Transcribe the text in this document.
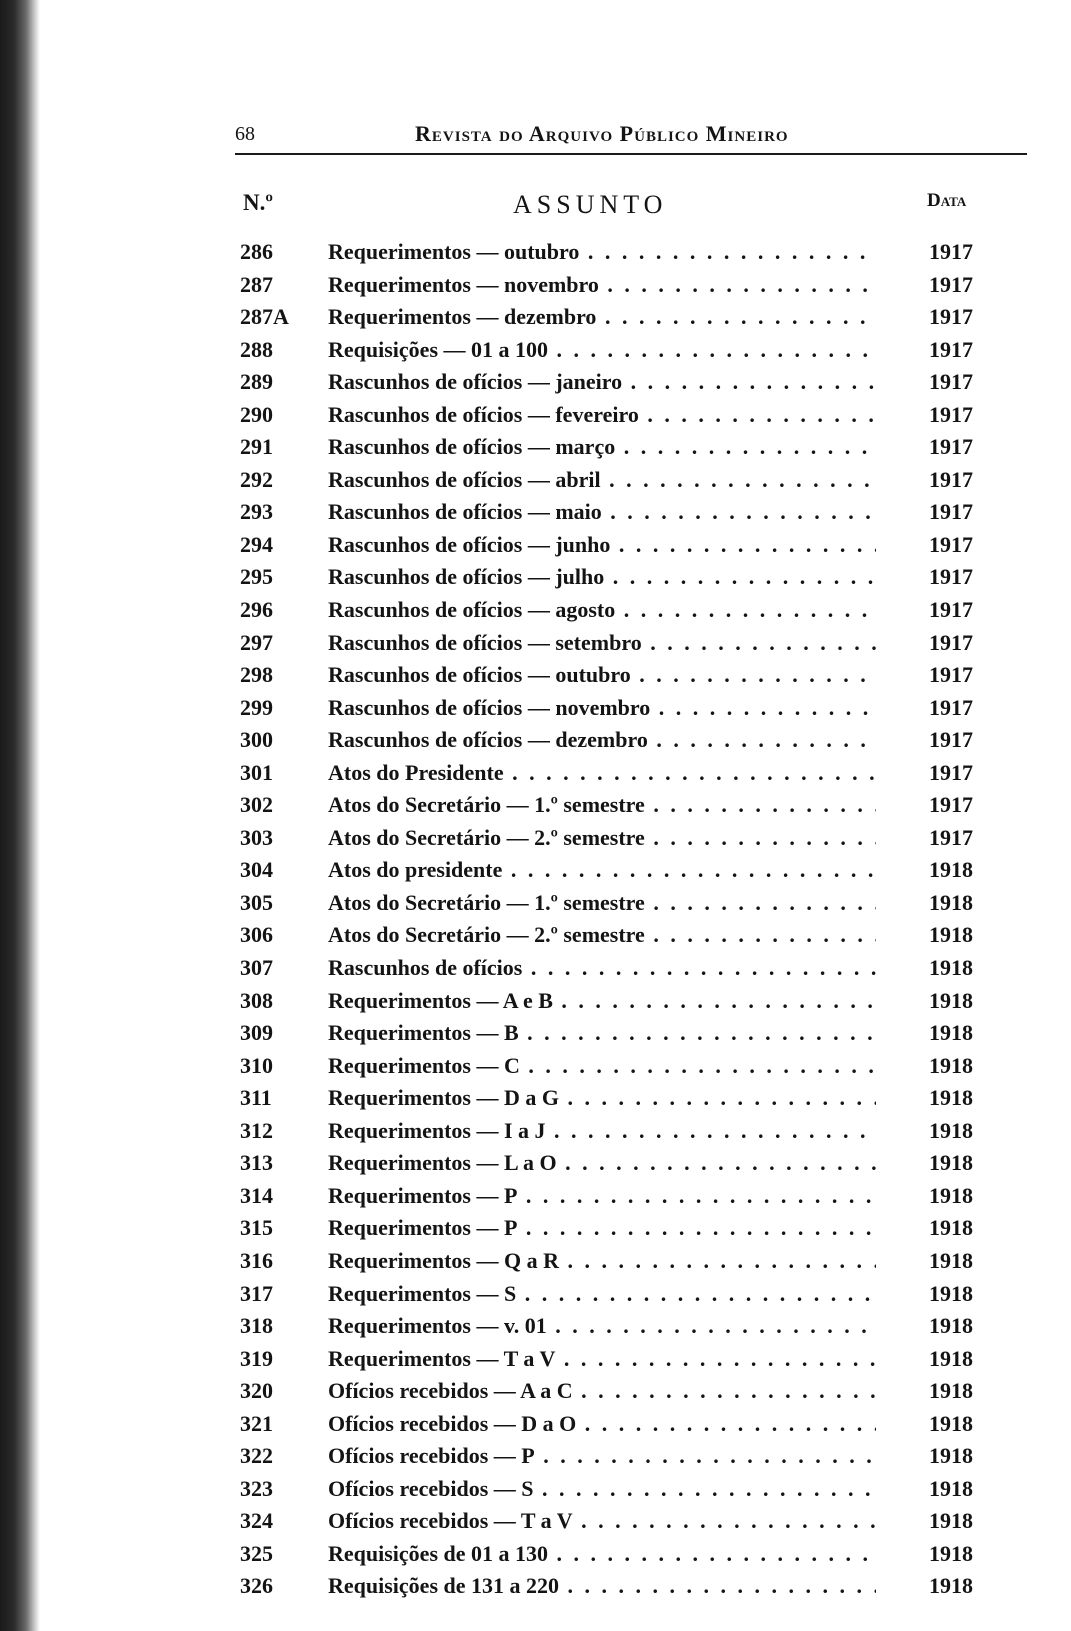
68	Revista do Arquivo Público Mineiro
N.º	ASSUNTO	Data
286	Requerimentos — outubro . . .	1917
287	Requerimentos — novembro . . .	1917
287A	Requerimentos — dezembro . . .	1917
288	Requisições — 01 a 100 . . .	1917
289	Rascunhos de ofícios — janeiro . . .	1917
290	Rascunhos de ofícios — fevereiro . . .	1917
291	Rascunhos de ofícios — março . . .	1917
292	Rascunhos de ofícios — abril . . .	1917
293	Rascunhos de ofícios — maio . . .	1917
294	Rascunhos de ofícios — junho . . .	1917
295	Rascunhos de ofícios — julho . . .	1917
296	Rascunhos de ofícios — agosto . . .	1917
297	Rascunhos de ofícios — setembro . . .	1917
298	Rascunhos de ofícios — outubro . . .	1917
299	Rascunhos de ofícios — novembro . . .	1917
300	Rascunhos de ofícios — dezembro . . .	1917
301	Atos do Presidente . . .	1917
302	Atos do Secretário — 1.º semestre . . .	1917
303	Atos do Secretário — 2.º semestre . . .	1917
304	Atos do presidente . . .	1918
305	Atos do Secretário — 1.º semestre . . .	1918
306	Atos do Secretário — 2.º semestre . . .	1918
307	Rascunhos de ofícios . . .	1918
308	Requerimentos — A e B . . .	1918
309	Requerimentos — B . . .	1918
310	Requerimentos — C . . .	1918
311	Requerimentos — D a G . . .	1918
312	Requerimentos — I a J . . .	1918
313	Requerimentos — L a O . . .	1918
314	Requerimentos — P . . .	1918
315	Requerimentos — P . . .	1918
316	Requerimentos — Q a R . . .	1918
317	Requerimentos — S . . .	1918
318	Requerimentos — v. 01 . . .	1918
319	Requerimentos — T a V . . .	1918
320	Ofícios recebidos — A a C . . .	1918
321	Ofícios recebidos — D a O . . .	1918
322	Ofícios recebidos — P . . .	1918
323	Ofícios recebidos — S . . .	1918
324	Ofícios recebidos — T a V . . .	1918
325	Requisições de 01 a 130 . . .	1918
326	Requisições de 131 a 220 . . .	1918
